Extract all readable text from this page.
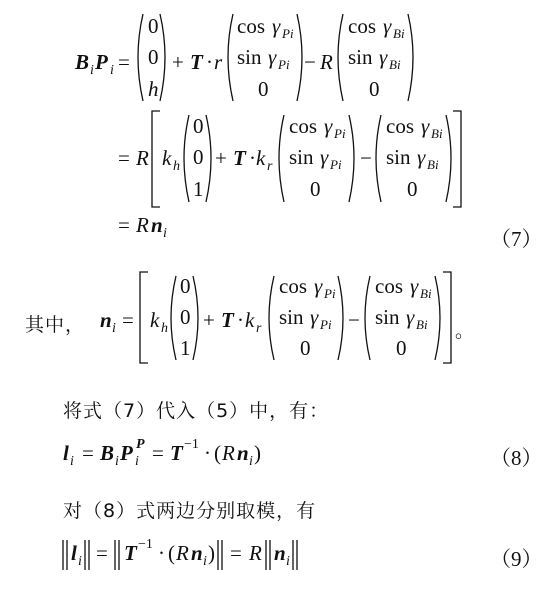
B i P i =
0
0
h
+ T · r
cos γ Pi
sin γ Pi
0
− R
cos γ Bi
sin γ Bi
0
= R k h
0
0
1
+ T · k r
cos γ Pi
sin γ Pi
0
−
cos γ Bi
sin γ Bi
0
= R n i
n i = k h
0
0
1
+ T · k r
cos γ Pi
sin γ Pi
0
−
cos γ Bi
sin γ Bi
0
l i = B i P i
P = T −1 · ( R n i )
l i = T −1 · ( R n i ) = R n i
其中，	。
将式（7）代入（5）中，有：
对（8）式两边分别取模，有
（7）
（8）
（9）
